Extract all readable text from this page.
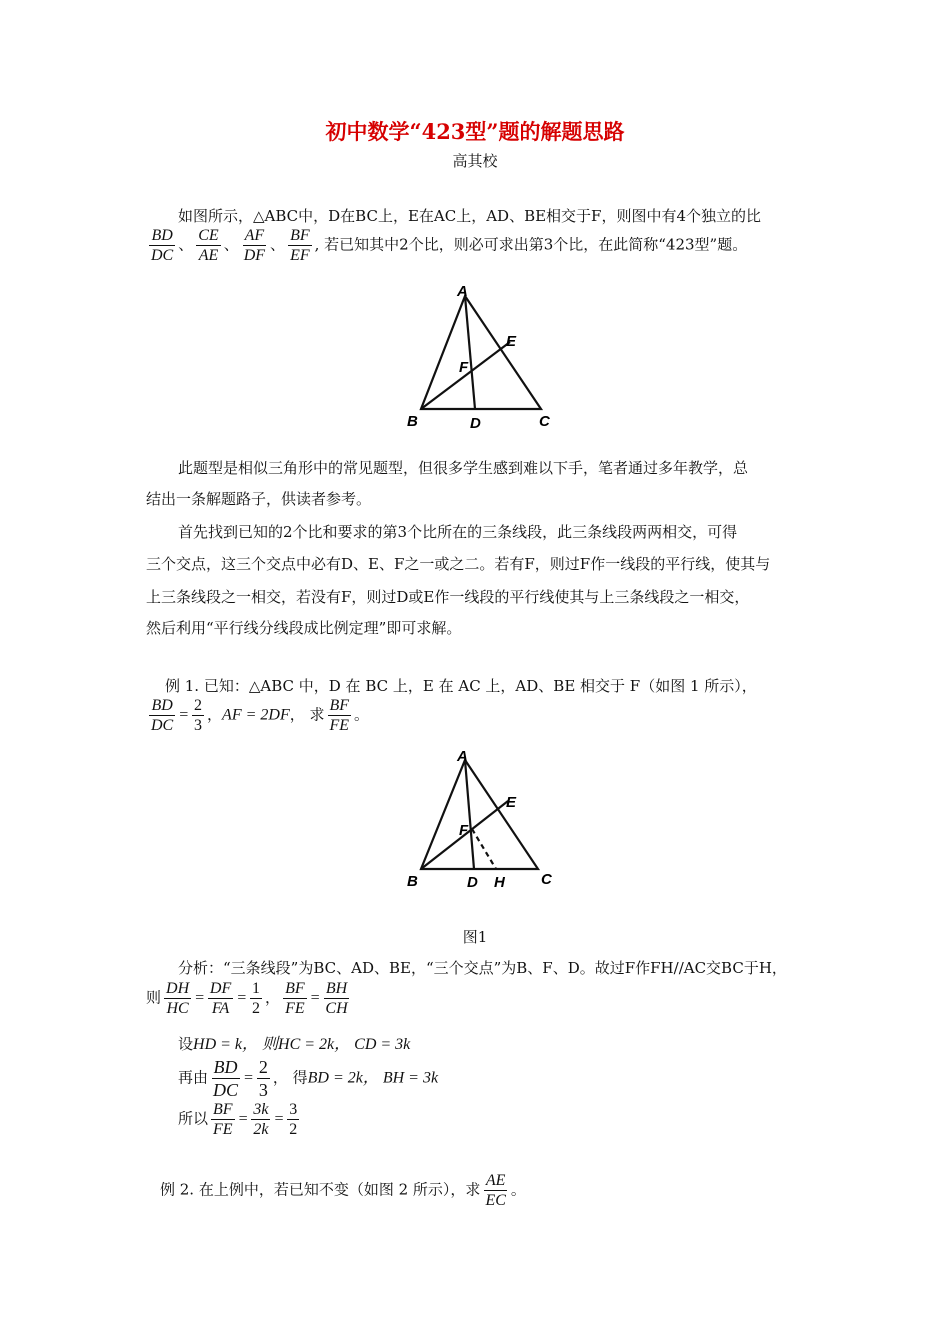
初中数学“423型”题的解题思路
高其校
如图所示，△ABC中，D在BC上，E在AC上，AD、BE相交于F，则图中有4个独立的比
$\frac{BD}{DC}$ 、 $\frac{CE}{AE}$ 、 $\frac{AF}{DF}$ 、 $\frac{BF}{EF}$ , 若已知其中2个比，则必可求出第3个比，在此简称“423型”题。
A
B	C
D
E
F
此题型是相似三角形中的常见题型，但很多学生感到难以下手，笔者通过多年教学，总
结出一条解题路子，供读者参考。
首先找到已知的2个比和要求的第3个比所在的三条线段，此三条线段两两相交，可得
三个交点，这三个交点中必有D、E、F之一或之二。若有F，则过F作一线段的平行线，使其与
上三条线段之一相交，若没有F，则过D或E作一线段的平行线使其与上三条线段之一相交，
然后利用“平行线分线段成比例定理”即可求解。
例 1. 已知：△ABC 中，D 在 BC 上，E 在 AC 上，AD、BE 相交于 F（如图 1 所示），
$\frac{BD}{DC} = \frac{2}{3}$ ，AF = 2DF， 求 $\frac{BF}{FE}$ 。
A
B	C
D
E
F
H
图1
分析：“三条线段”为BC、AD、BE，“三个交点”为B、F、D。故过F作FH//AC交BC于H，
则 $\frac{DH}{HC} = \frac{DF}{FA} = \frac{1}{2}$ ， $\frac{BF}{FE} = \frac{BH}{CH}$
设HD = k， 则HC = 2k， CD = 3k
再由 $\frac{BD}{DC} = \frac{2}{3}$ ， 得BD = 2k， BH = 3k
所以 $\frac{BF}{FE} = \frac{3k}{2k} = \frac{3}{2}$
例 2. 在上例中，若已知不变（如图 2 所示），求 $\frac{AE}{EC}$ 。
